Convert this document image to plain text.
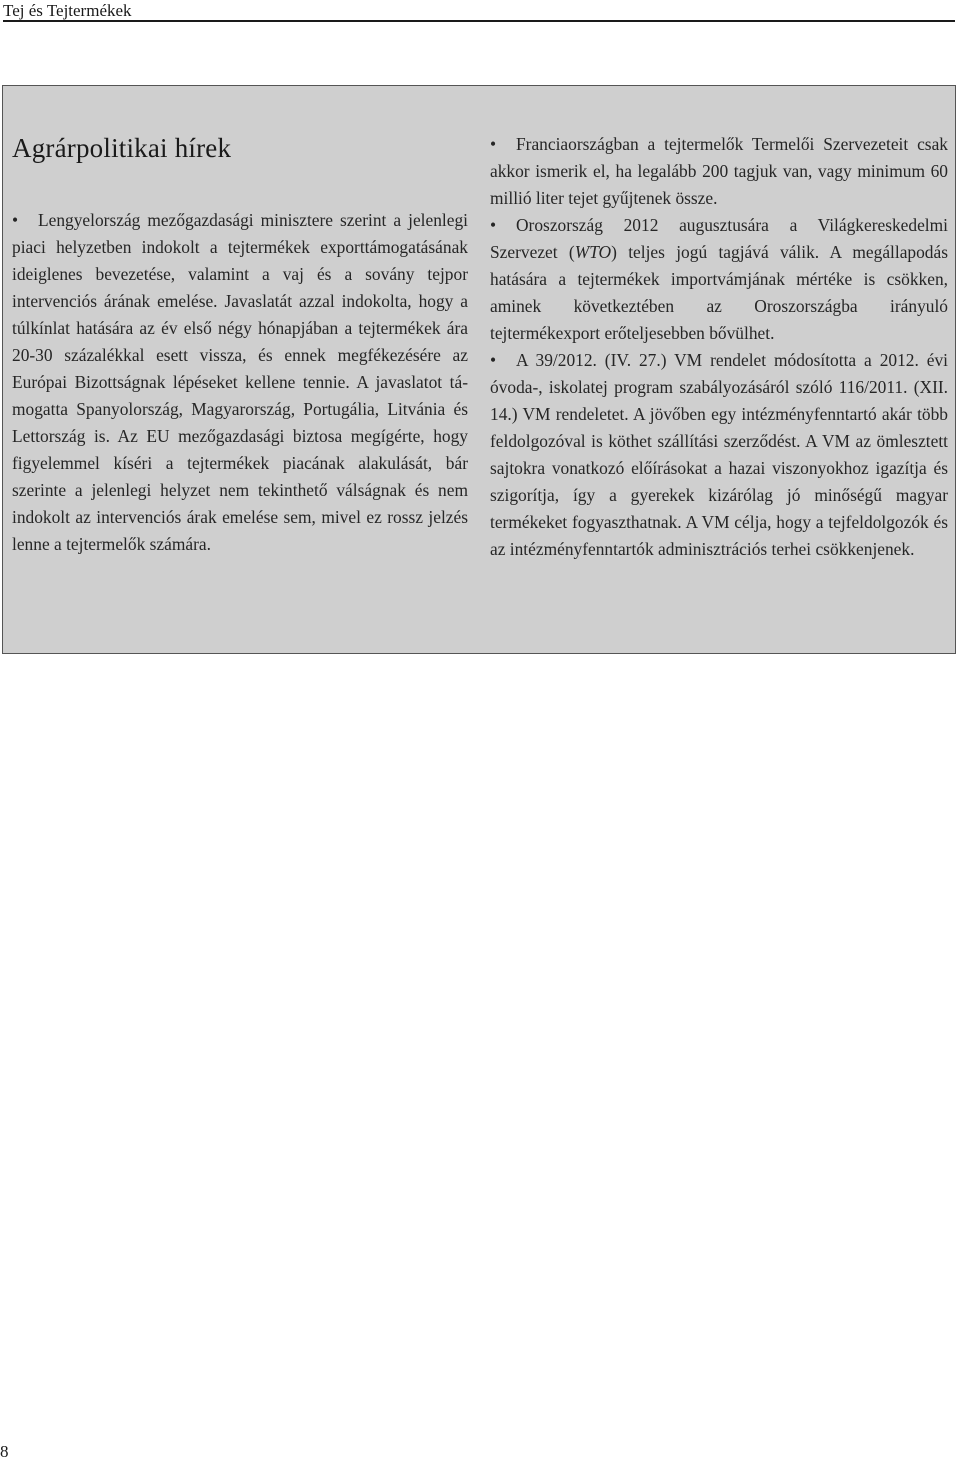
Tej és Tejtermékek
Agrárpolitikai hírek

• Lengyelország mezőgazdasági minisztere szerint a jelenlegi piaci helyzetben indokolt a tejtermékek exporttámogatásának ideiglenes bevezetése, valamint a vaj és a sovány tejpor intervenciós árának emelése. Javaslatát azzal indokolta, hogy a túlkínlat hatására az év első négy hónapjában a tejtermékek ára 20-30 százalékkal esett vissza, és ennek megfékezésére az Európai Bizottságnak lépéseket kellene tennie. A javaslatot támogatta Spanyolország, Magyarország, Portugália, Litvánia és Lettország is. Az EU mezőgazdasági biztosa megígérte, hogy figyelemmel kíséri a tejtermékek piacának alakulását, bár szerinte a jelenlegi helyzet nem tekinthető válságnak és nem indokolt az intervenciós árak emelése sem, mivel ez rossz jelzés lenne a tejtermelők számára.

• Franciaországban a tejtermelők Termelői Szervezeteit csak akkor ismerik el, ha legalább 200 tagjuk van, vagy minimum 60 millió liter tejet gyűjtenek össze.

• Oroszország 2012 augusztusára a Világkereskedelmi Szervezet (WTO) teljes jogú tagjává válik. A megállapodás hatására a tejtermékek importvámjának mértéke is csökken, aminek következtében az Oroszországba irányuló tejtermékexport erőteljesebben bővülhet.

• A 39/2012. (IV. 27.) VM rendelet módosította a 2012. évi óvoda-, iskolatej program szabályozásáról szóló 116/2011. (XII. 14.) VM rendeletet. A jövőben egy intézményfenntartó akár több feldolgozóval is köthet szállítási szerződést. A VM az ömlesztett sajtokra vonatkozó előírásokat a hazai viszonyokhoz igazítja és szigorítja, így a gyerekek kizárólag jó minőségű magyar termékeket fogyaszthatnak. A VM célja, hogy a tejfeldolgozók és az intézményfenntartók adminisztrációs terhei csökkenjenek.

8
